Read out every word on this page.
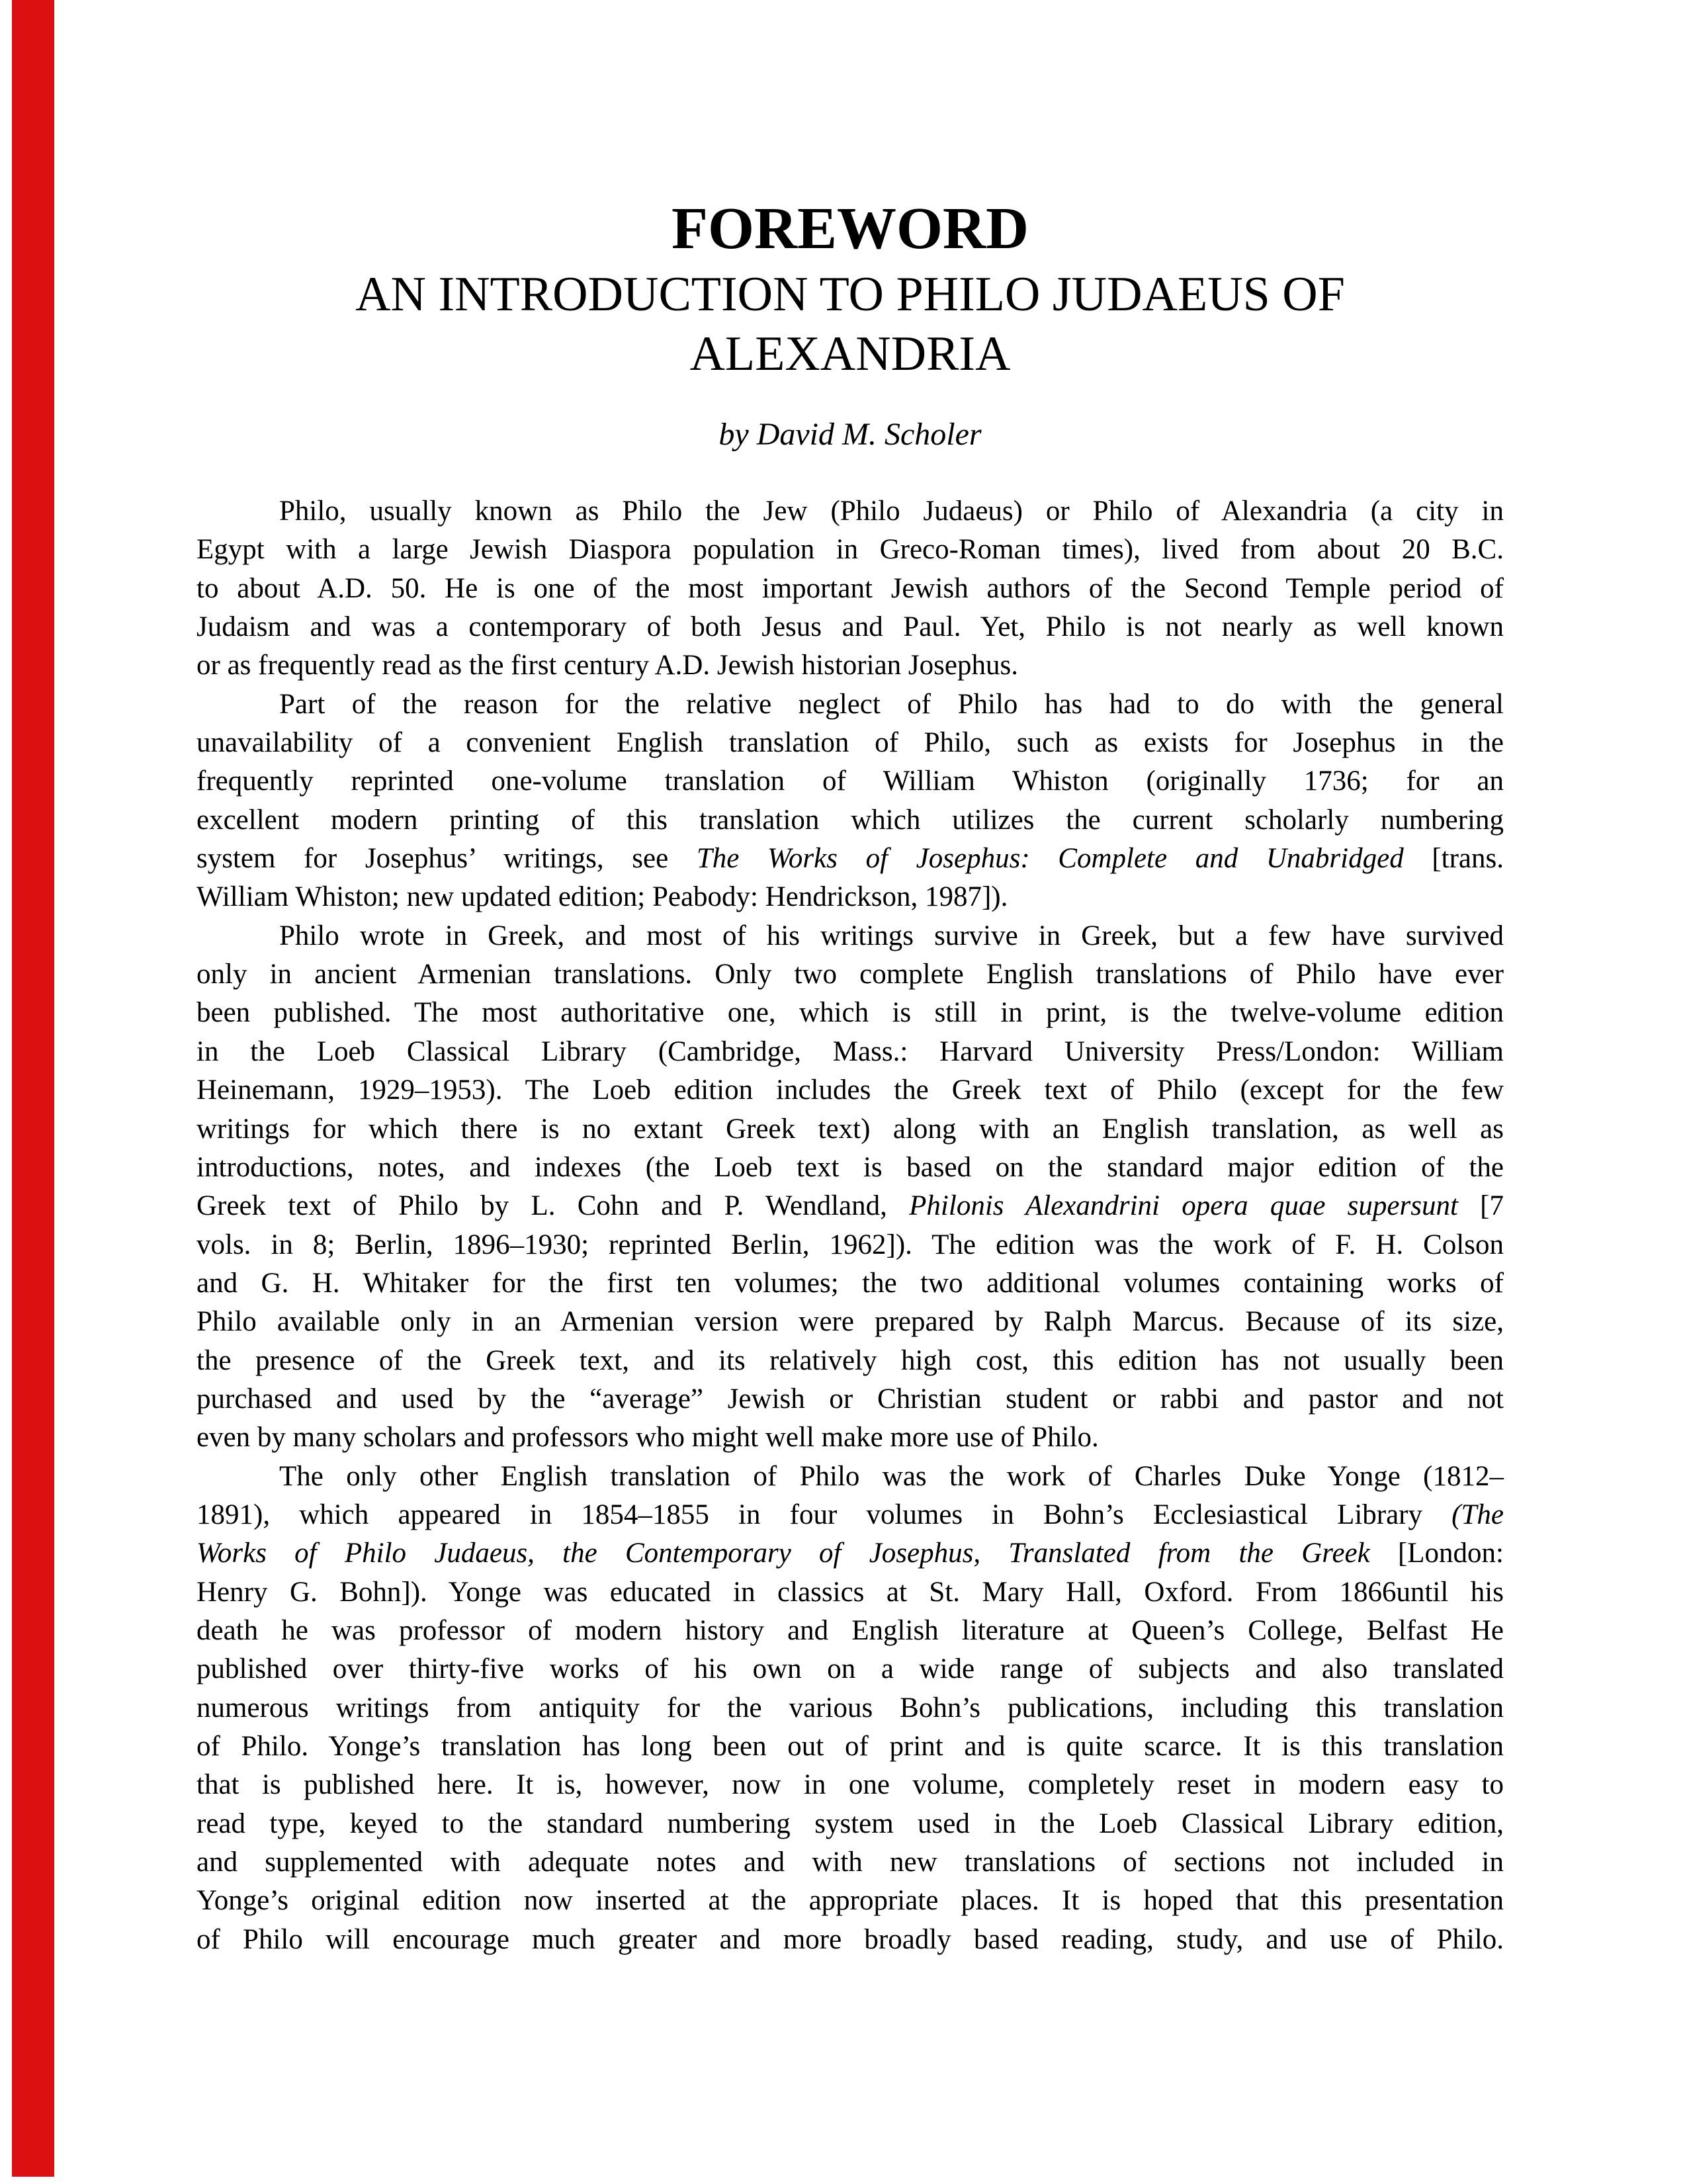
FOREWORD
AN INTRODUCTION TO PHILO JUDAEUS OF
ALEXANDRIA
by David M. Scholer
Philo, usually known as Philo the Jew (Philo Judaeus) or Philo of Alexandria (a city in
Egypt with a large Jewish Diaspora population in Greco-Roman times), lived from about 20 B.C.
to about A.D. 50. He is one of the most important Jewish authors of the Second Temple period of
Judaism and was a contemporary of both Jesus and Paul. Yet, Philo is not nearly as well known
or as frequently read as the first century A.D. Jewish historian Josephus.
Part of the reason for the relative neglect of Philo has had to do with the general
unavailability of a convenient English translation of Philo, such as exists for Josephus in the
frequently reprinted one-volume translation of William Whiston (originally 1736; for an
excellent modern printing of this translation which utilizes the current scholarly numbering
system for Josephus’ writings, see The Works of Josephus: Complete and Unabridged [trans.
William Whiston; new updated edition; Peabody: Hendrickson, 1987]).
Philo wrote in Greek, and most of his writings survive in Greek, but a few have survived
only in ancient Armenian translations. Only two complete English translations of Philo have ever
been published. The most authoritative one, which is still in print, is the twelve-volume edition
in the Loeb Classical Library (Cambridge, Mass.: Harvard University Press/London: William
Heinemann, 1929–1953). The Loeb edition includes the Greek text of Philo (except for the few
writings for which there is no extant Greek text) along with an English translation, as well as
introductions, notes, and indexes (the Loeb text is based on the standard major edition of the
Greek text of Philo by L. Cohn and P. Wendland, Philonis Alexandrini opera quae supersunt [7
vols. in 8; Berlin, 1896–1930; reprinted Berlin, 1962]). The edition was the work of F. H. Colson
and G. H. Whitaker for the first ten volumes; the two additional volumes containing works of
Philo available only in an Armenian version were prepared by Ralph Marcus. Because of its size,
the presence of the Greek text, and its relatively high cost, this edition has not usually been
purchased and used by the “average” Jewish or Christian student or rabbi and pastor and not
even by many scholars and professors who might well make more use of Philo.
The only other English translation of Philo was the work of Charles Duke Yonge (1812–
1891), which appeared in 1854–1855 in four volumes in Bohn’s Ecclesiastical Library (The
Works of Philo Judaeus, the Contemporary of Josephus, Translated from the Greek [London:
Henry G. Bohn]). Yonge was educated in classics at St. Mary Hall, Oxford. From 1866until his
death he was professor of modern history and English literature at Queen’s College, Belfast He
published over thirty-five works of his own on a wide range of subjects and also translated
numerous writings from antiquity for the various Bohn’s publications, including this translation
of Philo. Yonge’s translation has long been out of print and is quite scarce. It is this translation
that is published here. It is, however, now in one volume, completely reset in modern easy to
read type, keyed to the standard numbering system used in the Loeb Classical Library edition,
and supplemented with adequate notes and with new translations of sections not included in
Yonge’s original edition now inserted at the appropriate places. It is hoped that this presentation
of Philo will encourage much greater and more broadly based reading, study, and use of Philo.
